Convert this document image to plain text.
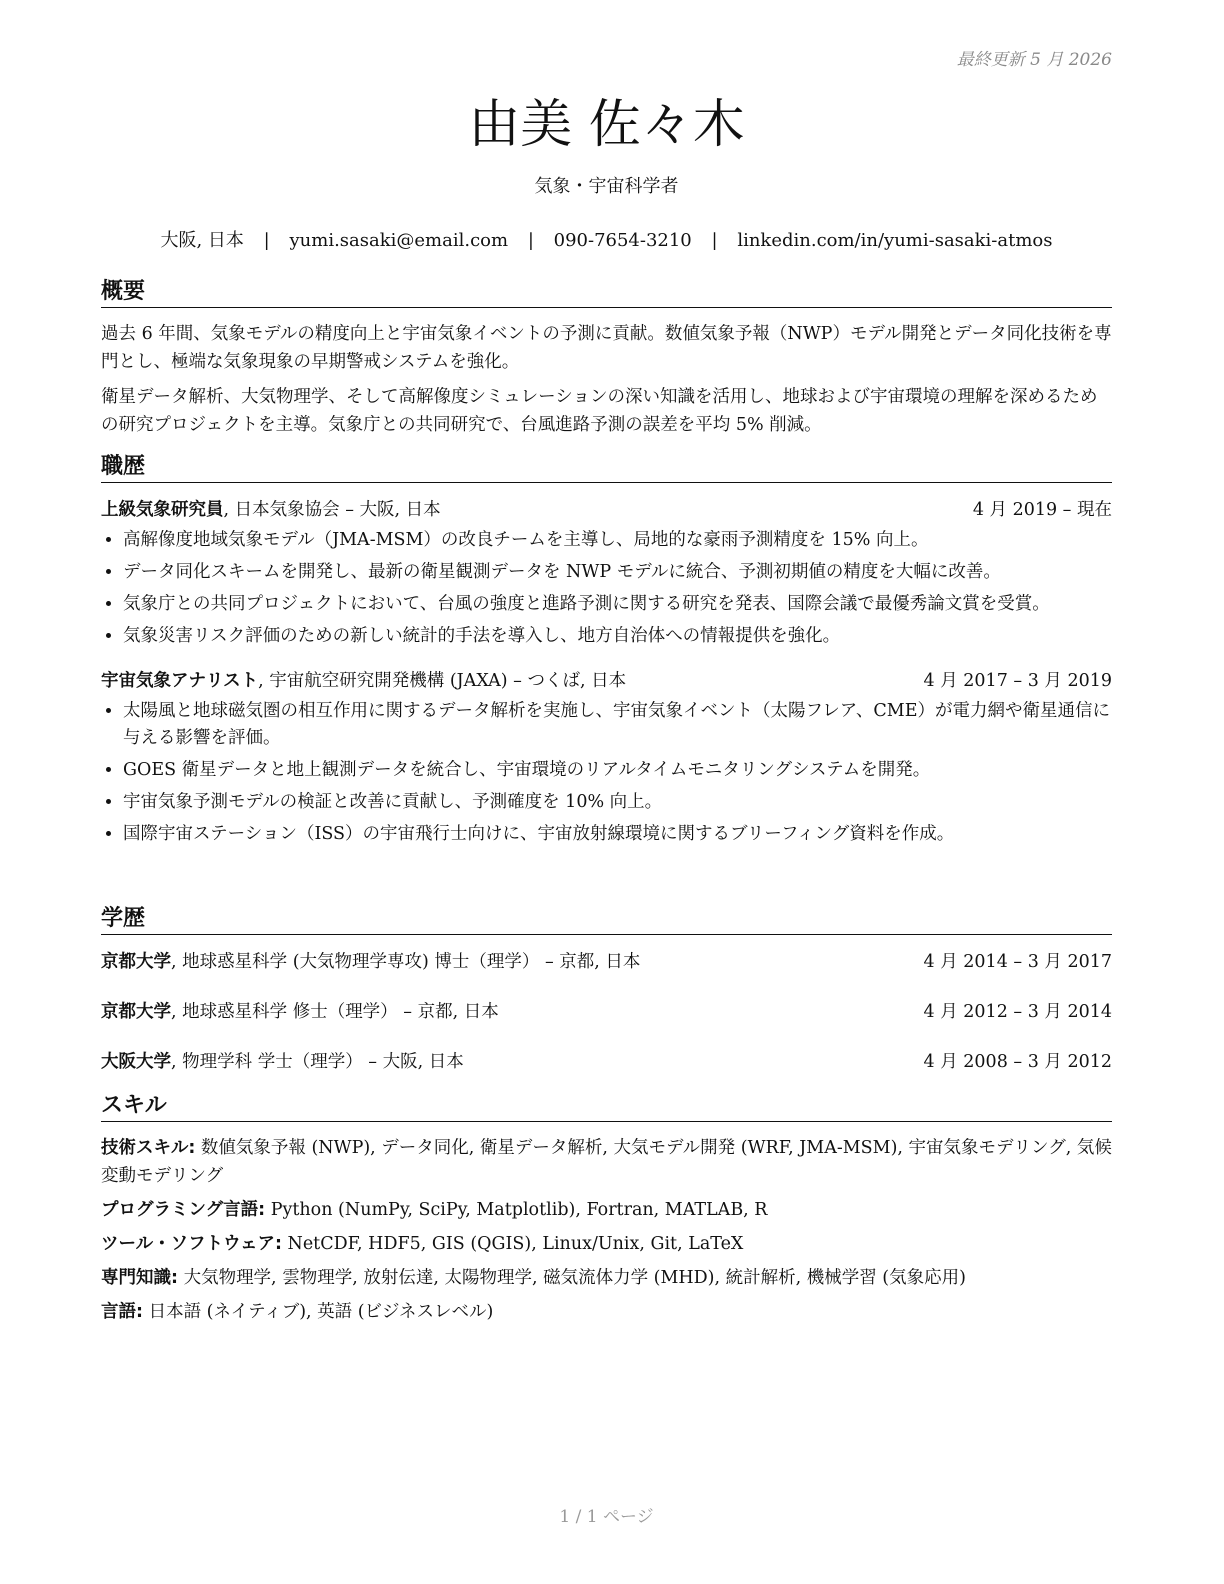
最終更新 5 月 2026
由美 佐々木
気象・宇宙科学者
大阪, 日本 | yumi.sasaki@email.com | 090-7654-3210 | linkedin.com/in/yumi-sasaki-atmos
概要

過去 6 年間、気象モデルの精度向上と宇宙気象イベントの予測に貢献。数値気象予報（NWP）モデル開発とデータ同化技術を専門とし、極端な気象現象の早期警戒システムを強化。

衛星データ解析、大気物理学、そして高解像度シミュレーションの深い知識を活用し、地球および宇宙環境の理解を深めるための研究プロジェクトを主導。気象庁との共同研究で、台風進路予測の誤差を平均 5% 削減。

職歴
上級気象研究員, 日本気象協会 – 大阪, 日本	4 月 2019 – 現在
• 高解像度地域気象モデル（JMA-MSM）の改良チームを主導し、局地的な豪雨予測精度を 15% 向上。
• データ同化スキームを開発し、最新の衛星観測データを NWP モデルに統合、予測初期値の精度を大幅に改善。
• 気象庁との共同プロジェクトにおいて、台風の強度と進路予測に関する研究を発表、国際会議で最優秀論文賞を受賞。
• 気象災害リスク評価のための新しい統計的手法を導入し、地方自治体への情報提供を強化。
宇宙気象アナリスト, 宇宙航空研究開発機構 (JAXA) – つくば, 日本	4 月 2017 – 3 月 2019
• 太陽風と地球磁気圏の相互作用に関するデータ解析を実施し、宇宙気象イベント（太陽フレア、CME）が電力網や衛星通信に与える影響を評価。
• GOES 衛星データと地上観測データを統合し、宇宙環境のリアルタイムモニタリングシステムを開発。
• 宇宙気象予測モデルの検証と改善に貢献し、予測確度を 10% 向上。
• 国際宇宙ステーション（ISS）の宇宙飛行士向けに、宇宙放射線環境に関するブリーフィング資料を作成。
学歴
京都大学, 地球惑星科学 (大気物理学専攻) 博士（理学） – 京都, 日本	4 月 2014 – 3 月 2017
京都大学, 地球惑星科学 修士（理学） – 京都, 日本	4 月 2012 – 3 月 2014
大阪大学, 物理学科 学士（理学） – 大阪, 日本	4 月 2008 – 3 月 2012
スキル

技術スキル: 数値気象予報 (NWP), データ同化, 衛星データ解析, 大気モデル開発 (WRF, JMA-MSM), 宇宙気象モデリング, 気候変動モデリング

プログラミング言語: Python (NumPy, SciPy, Matplotlib), Fortran, MATLAB, R

ツール・ソフトウェア: NetCDF, HDF5, GIS (QGIS), Linux/Unix, Git, LaTeX

専門知識: 大気物理学, 雲物理学, 放射伝達, 太陽物理学, 磁気流体力学 (MHD), 統計解析, 機械学習 (気象応用)

言語: 日本語 (ネイティブ), 英語 (ビジネスレベル)

1 / 1 ページ
